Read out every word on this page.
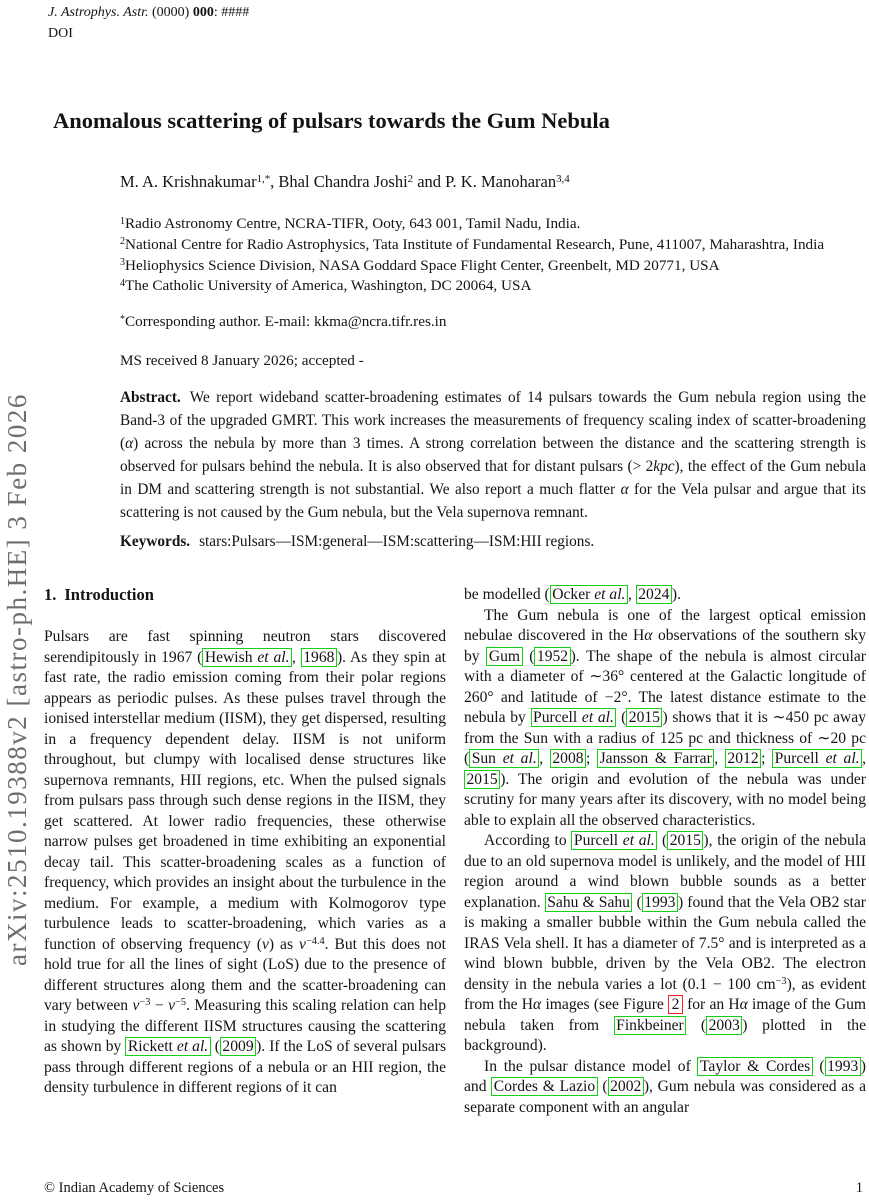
arXiv:2510.19388v2 [astro-ph.HE] 3 Feb 2026
J. Astrophys. Astr. (0000) 000: ####
DOI
Anomalous scattering of pulsars towards the Gum Nebula
M. A. Krishnakumar$^{1,*}$, Bhal Chandra Joshi$^2$ and P. K. Manoharan$^{3,4}$
$^1$Radio Astronomy Centre, NCRA-TIFR, Ooty, 643 001, Tamil Nadu, India.
$^2$National Centre for Radio Astrophysics, Tata Institute of Fundamental Research, Pune, 411007, Maharashtra, India
$^3$Heliophysics Science Division, NASA Goddard Space Flight Center, Greenbelt, MD 20771, USA
$^4$The Catholic University of America, Washington, DC 20064, USA
*Corresponding author. E-mail: kkma@ncra.tifr.res.in
MS received 8 January 2026; accepted -
Abstract. We report wideband scatter-broadening estimates of 14 pulsars towards the Gum nebula region using the Band-3 of the upgraded GMRT. This work increases the measurements of frequency scaling index of scatter-broadening (α) across the nebula by more than 3 times. A strong correlation between the distance and the scattering strength is observed for pulsars behind the nebula. It is also observed that for distant pulsars (> 2kpc), the effect of the Gum nebula in DM and scattering strength is not substantial. We also report a much flatter α for the Vela pulsar and argue that its scattering is not caused by the Gum nebula, but the Vela supernova remnant.
Keywords. stars:Pulsars—ISM:general—ISM:scattering—ISM:HII regions.
1. Introduction

Pulsars are fast spinning neutron stars discovered serendipitously in 1967 ( Hewish et al. , 1968 ). As they spin at fast rate, the radio emission coming from their polar regions appears as periodic pulses. As these pulses travel through the ionised interstellar medium (IISM), they get dispersed, resulting in a frequency dependent delay. IISM is not uniform throughout, but clumpy with localised dense structures like supernova remnants, HII regions, etc. When the pulsed signals from pulsars pass through such dense regions in the IISM, they get scattered. At lower radio frequencies, these otherwise narrow pulses get broadened in time exhibiting an exponential decay tail. This scatter-broadening scales as a function of frequency, which provides an insight about the turbulence in the medium. For example, a medium with Kolmogorov type turbulence leads to scatter-broadening, which varies as a function of observing frequency (ν) as $\nu^{-4.4}$. But this does not hold true for all the lines of sight (LoS) due to the presence of different structures along them and the scatter-broadening can vary between $\nu^{-3} - \nu^{-5}$. Measuring this scaling relation can help in studying the different IISM structures causing the scattering as shown by Rickett et al. ( 2009 ). If the LoS of several pulsars pass through different regions of a nebula or an HII region, the density turbulence in different regions of it can

be modelled ( Ocker et al. , 2024 ).

The Gum nebula is one of the largest optical emission nebulae discovered in the Hα observations of the southern sky by Gum ( 1952 ). The shape of the nebula is almost circular with a diameter of ∼36° centered at the Galactic longitude of 260° and latitude of −2°. The latest distance estimate to the nebula by Purcell et al. ( 2015 ) shows that it is ∼450 pc away from the Sun with a radius of 125 pc and thickness of ∼20 pc ( Sun et al. , 2008 ; Jansson & Farrar , 2012 ; Purcell et al. , 2015 ). The origin and evolution of the nebula was under scrutiny for many years after its discovery, with no model being able to explain all the observed characteristics.

According to Purcell et al. ( 2015 ), the origin of the nebula due to an old supernova model is unlikely, and the model of HII region around a wind blown bubble sounds as a better explanation. Sahu & Sahu ( 1993 ) found that the Vela OB2 star is making a smaller bubble within the Gum nebula called the IRAS Vela shell. It has a diameter of 7.5° and is interpreted as a wind blown bubble, driven by the Vela OB2. The electron density in the nebula varies a lot (0.1 − 100 $cm^{-3}$), as evident from the Hα images (see Figure 2 for an Hα image of the Gum nebula taken from Finkbeiner ( 2003 ) plotted in the background).

In the pulsar distance model of Taylor & Cordes ( 1993 ) and Cordes & Lazio ( 2002 ), Gum nebula was considered as a separate component with an angular

© Indian Academy of Sciences	1
